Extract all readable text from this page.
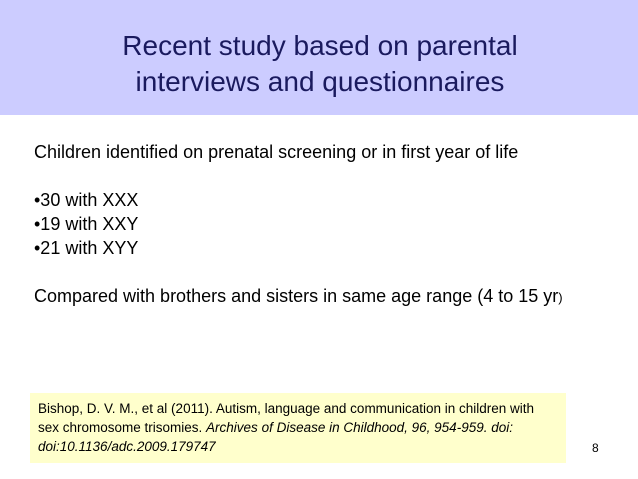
Recent study based on parental
interviews and questionnaires

Children identified on prenatal screening or in first year of life

•30 with XXX

•19 with XXY

•21 with XYY

Compared with brothers and sisters in same age range (4 to 15 yr)

Bishop, D. V. M., et al (2011). Autism, language and communication in children with sex chromosome trisomies. Archives of Disease in Childhood, 96, 954-959. doi: doi:10.1136/adc.2009.179747	8
